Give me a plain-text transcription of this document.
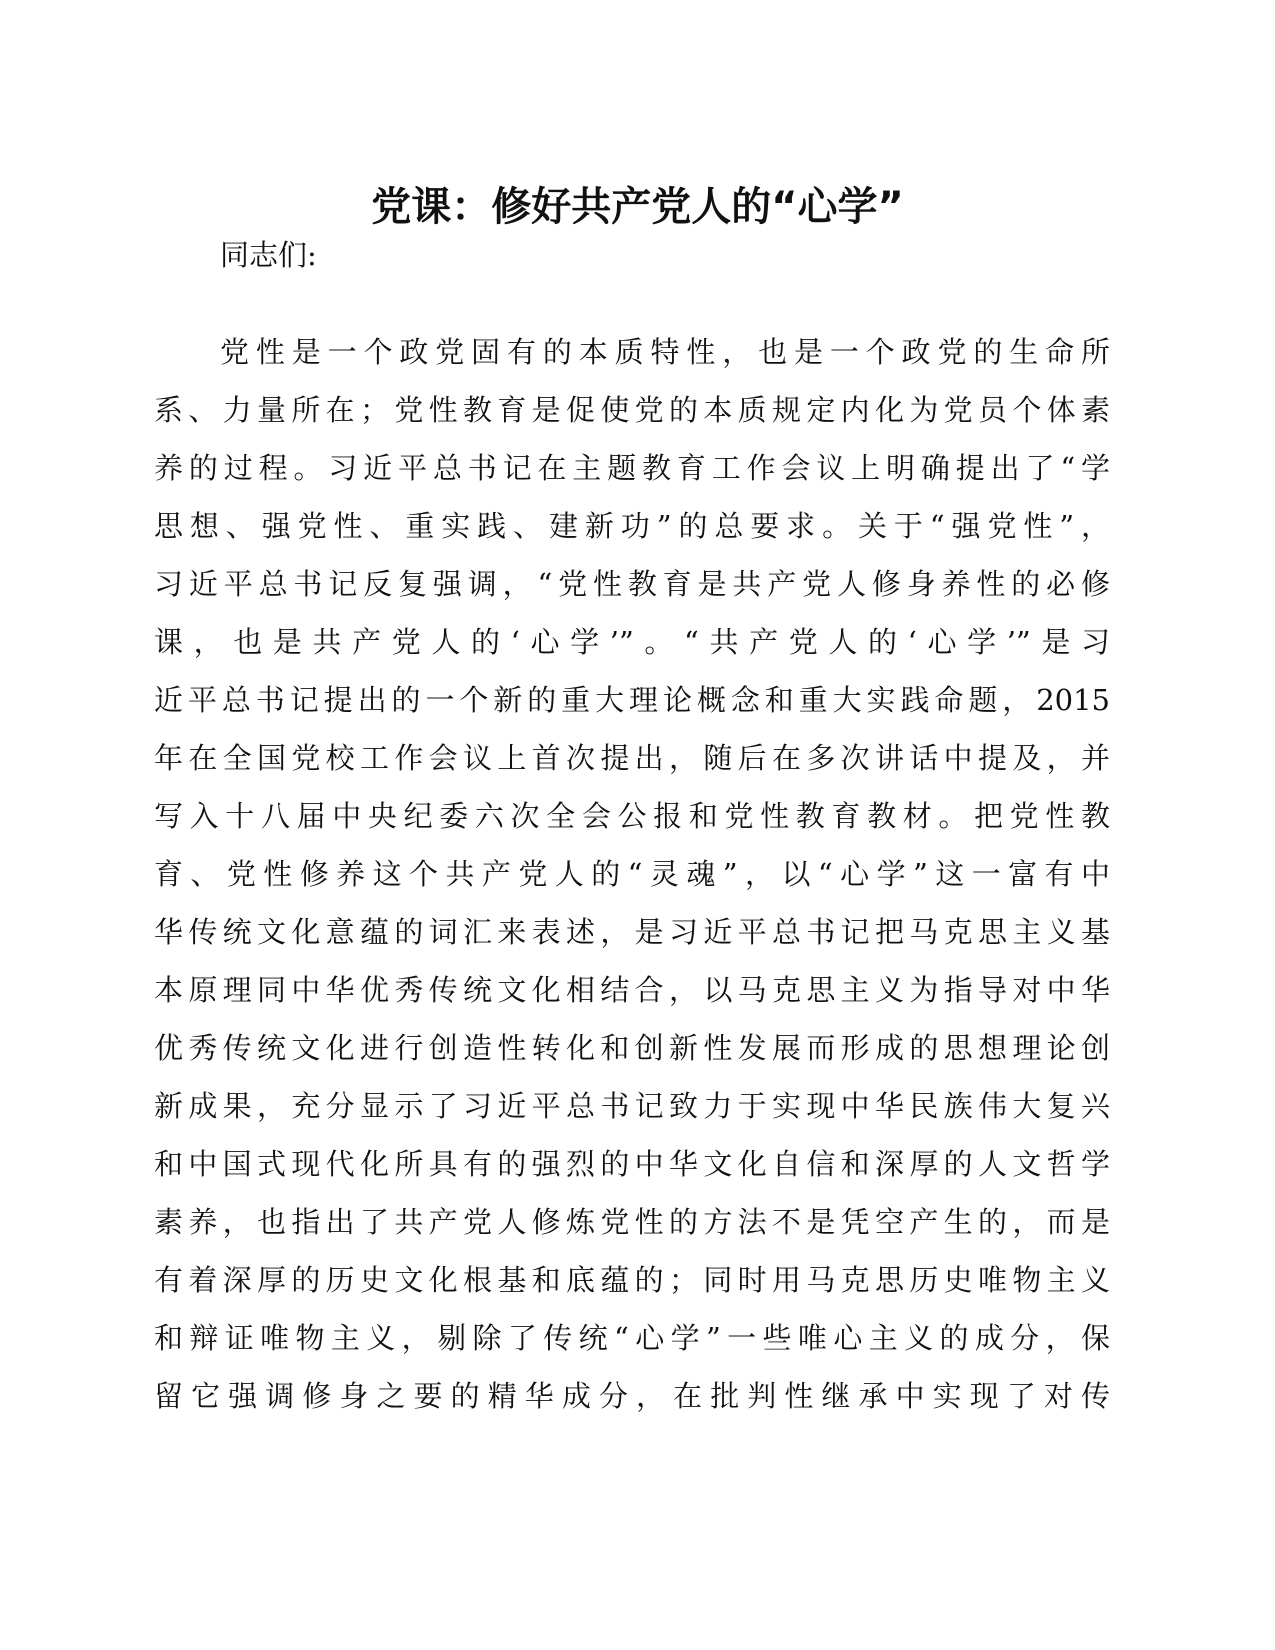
党课：修好共产党人的“心学”

同志们:

党性是一个政党固有的本质特性，也是一个政党的生命所
系、力量所在；党性教育是促使党的本质规定内化为党员个体素
养的过程。习近平总书记在主题教育工作会议上明确提出了“学
思想、强党性、重实践、建新功”的总要求。关于“强党性”，
习近平总书记反复强调，“党性教育是共产党人修身养性的必修
课，也是共产党人的‘心学’”。“共产党人的‘心学’”是习
近平总书记提出的一个新的重大理论概念和重大实践命题，2015
年在全国党校工作会议上首次提出，随后在多次讲话中提及，并
写入十八届中央纪委六次全会公报和党性教育教材。把党性教
育、党性修养这个共产党人的“灵魂”，以“心学”这一富有中
华传统文化意蕴的词汇来表述，是习近平总书记把马克思主义基
本原理同中华优秀传统文化相结合，以马克思主义为指导对中华
优秀传统文化进行创造性转化和创新性发展而形成的思想理论创
新成果，充分显示了习近平总书记致力于实现中华民族伟大复兴
和中国式现代化所具有的强烈的中华文化自信和深厚的人文哲学
素养，也指出了共产党人修炼党性的方法不是凭空产生的，而是
有着深厚的历史文化根基和底蕴的；同时用马克思历史唯物主义
和辩证唯物主义，剔除了传统“心学”一些唯心主义的成分，保
留它强调修身之要的精华成分，在批判性继承中实现了对传
